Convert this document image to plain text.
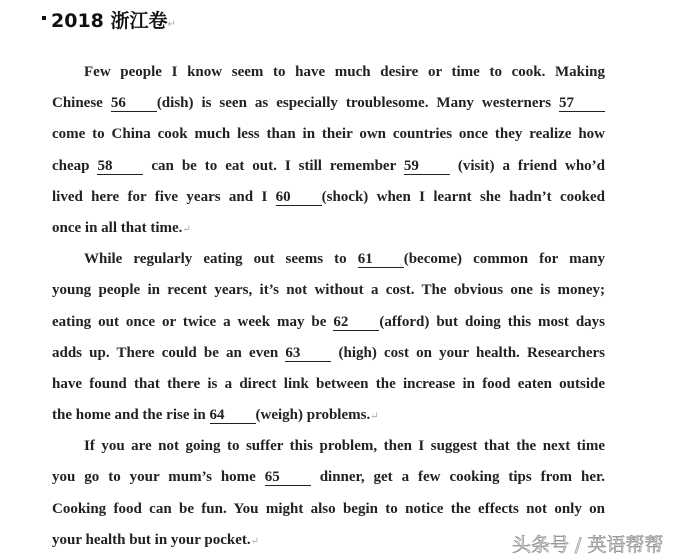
2018 浙江卷↵
Few people I know seem to have much desire or time to cook. Making
Chinese 56 (dish) is seen as especially troublesome. Many westerners 57
come to China cook much less than in their own countries once they realize how
cheap 58 can be to eat out. I still remember 59 (visit) a friend who’d
lived here for five years and I 60 (shock) when I learnt she hadn’t cooked
once in all that time.↵
While regularly eating out seems to 61 (become) common for many
young people in recent years, it’s not without a cost. The obvious one is money;
eating out once or twice a week may be 62 (afford) but doing this most days
adds up. There could be an even 63 (high) cost on your health. Researchers
have found that there is a direct link between the increase in food eaten outside
the home and the rise in 64 (weigh) problems.↵
If you are not going to suffer this problem, then I suggest that the next time
you go to your mum’s home 65 dinner, get a few cooking tips from her.
Cooking food can be fun. You might also begin to notice the effects not only on
your health but in your pocket.↵	头条号 / 英语帮帮
